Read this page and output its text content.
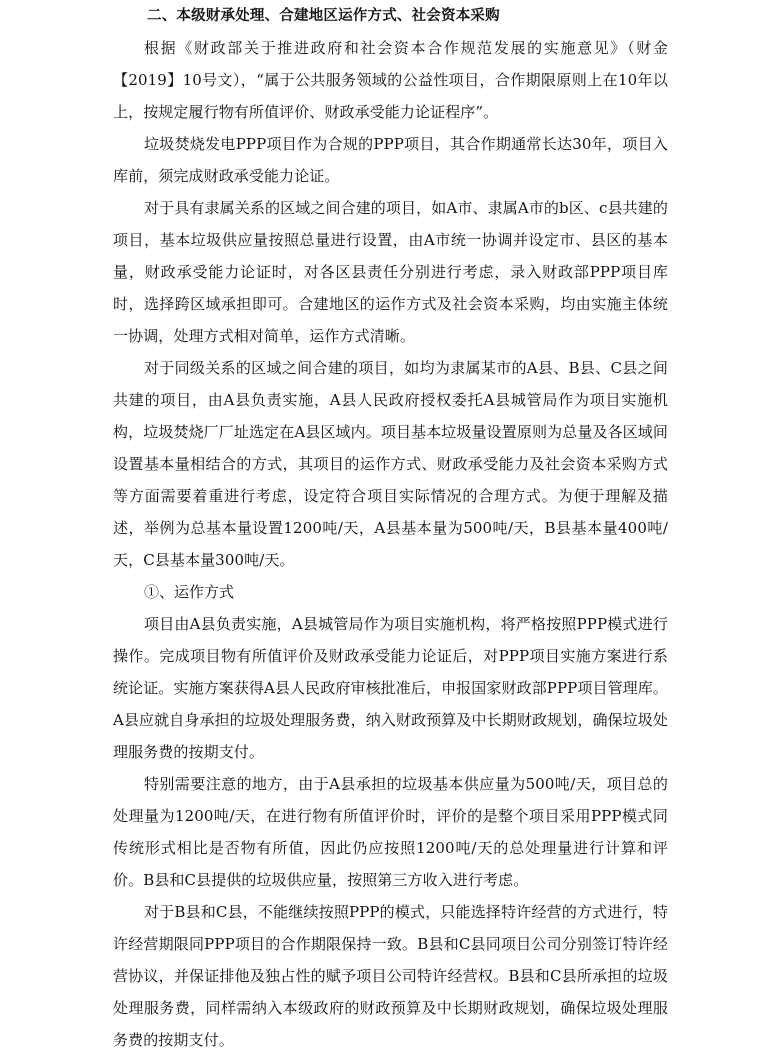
二、本级财承处理、合建地区运作方式、社会资本采购

根据《财政部关于推进政府和社会资本合作规范发展的实施意见》（财金【2019】10号文），“属于公共服务领域的公益性项目，合作期限原则上在10年以上，按规定履行物有所值评价、财政承受能力论证程序”。

垃圾焚烧发电PPP项目作为合规的PPP项目，其合作期通常长达30年，项目入库前，须完成财政承受能力论证。

对于具有隶属关系的区域之间合建的项目，如A市、隶属A市的b区、c县共建的项目，基本垃圾供应量按照总量进行设置，由A市统一协调并设定市、县区的基本量，财政承受能力论证时，对各区县责任分别进行考虑，录入财政部PPP项目库时，选择跨区域承担即可。合建地区的运作方式及社会资本采购，均由实施主体统一协调，处理方式相对简单，运作方式清晰。

对于同级关系的区域之间合建的项目，如均为隶属某市的A县、B县、C县之间共建的项目，由A县负责实施，A县人民政府授权委托A县城管局作为项目实施机构，垃圾焚烧厂厂址选定在A县区域内。项目基本垃圾量设置原则为总量及各区域间设置基本量相结合的方式，其项目的运作方式、财政承受能力及社会资本采购方式等方面需要着重进行考虑，设定符合项目实际情况的合理方式。为便于理解及描述，举例为总基本量设置1200吨/天，A县基本量为500吨/天，B县基本量400吨/天，C县基本量300吨/天。

①、运作方式

项目由A县负责实施，A县城管局作为项目实施机构，将严格按照PPP模式进行操作。完成项目物有所值评价及财政承受能力论证后，对PPP项目实施方案进行系统论证。实施方案获得A县人民政府审核批准后，申报国家财政部PPP项目管理库。A县应就自身承担的垃圾处理服务费，纳入财政预算及中长期财政规划，确保垃圾处理服务费的按期支付。

特别需要注意的地方，由于A县承担的垃圾基本供应量为500吨/天，项目总的处理量为1200吨/天，在进行物有所值评价时，评价的是整个项目采用PPP模式同传统形式相比是否物有所值，因此仍应按照1200吨/天的总处理量进行计算和评价。B县和C县提供的垃圾供应量，按照第三方收入进行考虑。

对于B县和C县，不能继续按照PPP的模式，只能选择特许经营的方式进行，特许经营期限同PPP项目的合作期限保持一致。B县和C县同项目公司分别签订特许经营协议，并保证排他及独占性的赋予项目公司特许经营权。B县和C县所承担的垃圾处理服务费，同样需纳入本级政府的财政预算及中长期财政规划，确保垃圾处理服务费的按期支付。
